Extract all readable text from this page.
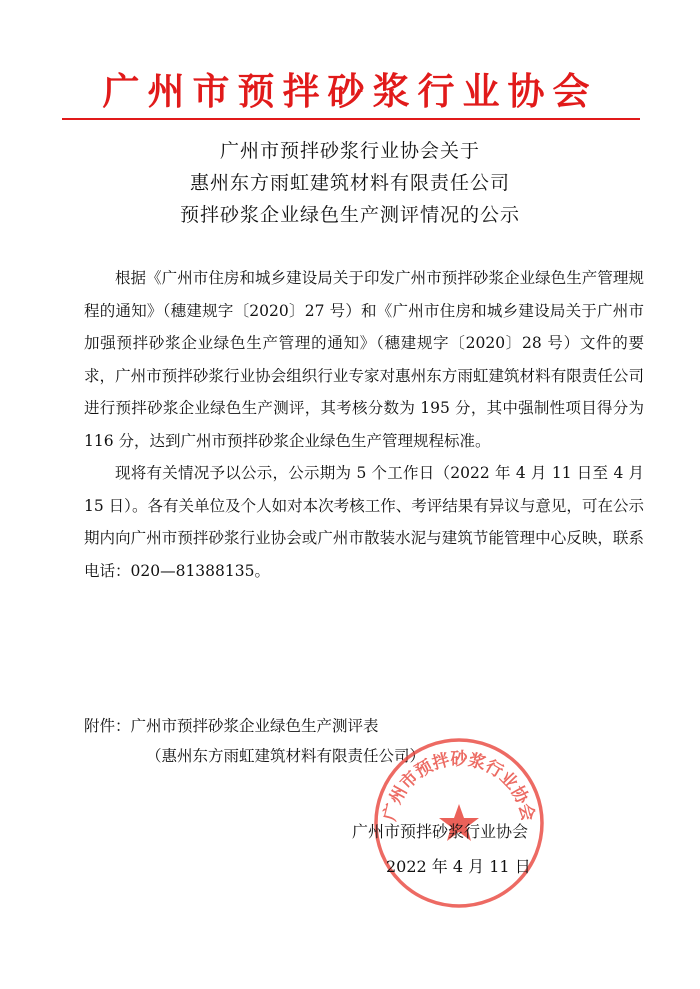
广州市预拌砂浆行业协会
广州市预拌砂浆行业协会关于
惠州东方雨虹建筑材料有限责任公司
预拌砂浆企业绿色生产测评情况的公示

根据《广州市住房和城乡建设局关于印发广州市预拌砂浆企业绿色生产管理规程的通知》（穗建规字〔2020〕27 号）和《广州市住房和城乡建设局关于广州市加强预拌砂浆企业绿色生产管理的通知》（穗建规字〔2020〕28 号）文件的要求，广州市预拌砂浆行业协会组织行业专家对惠州东方雨虹建筑材料有限责任公司进行预拌砂浆企业绿色生产测评，其考核分数为 195 分，其中强制性项目得分为 116 分，达到广州市预拌砂浆企业绿色生产管理规程标准。

现将有关情况予以公示，公示期为 5 个工作日（2022 年 4 月 11 日至 4 月 15 日）。各有关单位及个人如对本次考核工作、考评结果有异议与意见，可在公示期内向广州市预拌砂浆行业协会或广州市散装水泥与建筑节能管理中心反映，联系电话：020—81388135。

附件：广州市预拌砂浆企业绿色生产测评表
（惠州东方雨虹建筑材料有限责任公司）
广州市预拌砂浆行业协会
广州市预拌砂浆行业协会
2022 年 4 月 11 日
